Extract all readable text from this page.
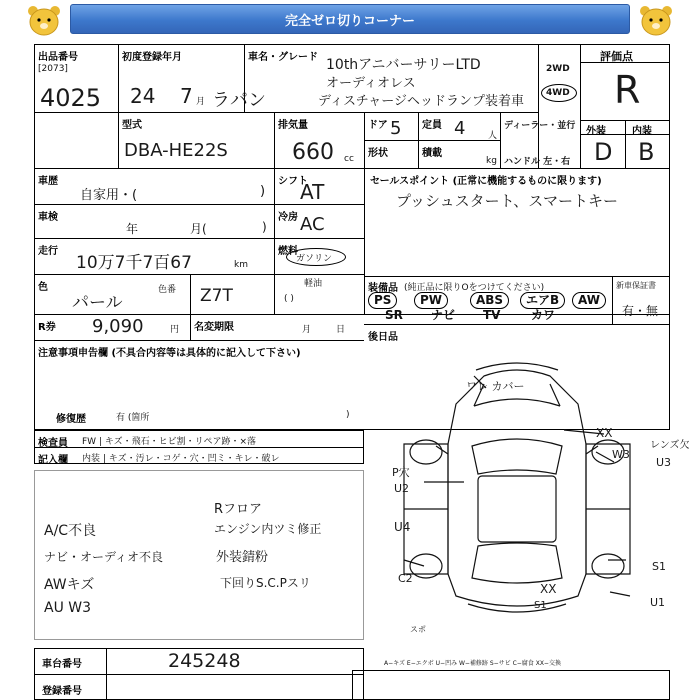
完全ゼロ切りコーナー
出品番号
[2073]
4025
初度登録年月
24 7 月 ラパン
車名・グレード 10thアニバーサリーLTD
オーディオレス
ディスチャージヘッドランプ装着車
2WD
4WD
評価点
R
外装	内装
D B
型式
DBA-HE22S
排気量
660 cc
ドア 5 定員 4	人
形状	積載
kg
ディーラー・並行
ハンドル 左・右
車歴
自家用・(	)
シフト
AT
車検
年	月(	)
冷房 AC
走行
10万7千7百67	km
燃料
ガソリン
軽油
( )
色
パール
色番 Z7T
R券 9,090	円 名変期限	月	日
注意事項申告欄 (不具合内容等は具体的に記入して下さい)
修復歴	有 (箇所	)
セールスポイント (正常に機能するものに限ります)
プッシュスタート、スマートキー
装備品 (純正品に限りOをつけてください)	新車保証書
有・無
後日品
ワレ カバー
XX
W3
レンズ欠
U3
P穴
U2
U4
C2
S1
U1
XX
S1
スポ
検査員 FW | キズ・飛石・ヒビ割・リペア跡・×落
記入欄 内装 | キズ・汚レ・コゲ・穴・凹ミ・キレ・破レ
Rフロア
エンジン内ツミ修正
外装錆粉
A/C不良
ナビ・オーディオ不良
AWキズ
AU W3
下回りS.C.Pスリ
車台番号	245248
登録番号
A−キズ E−エクボ U−凹み W−補修跡 S−サビ C−腐食 XX−交換
PS	PW	ABS	エアB	AW
SR	ナビ	TV	カワ
